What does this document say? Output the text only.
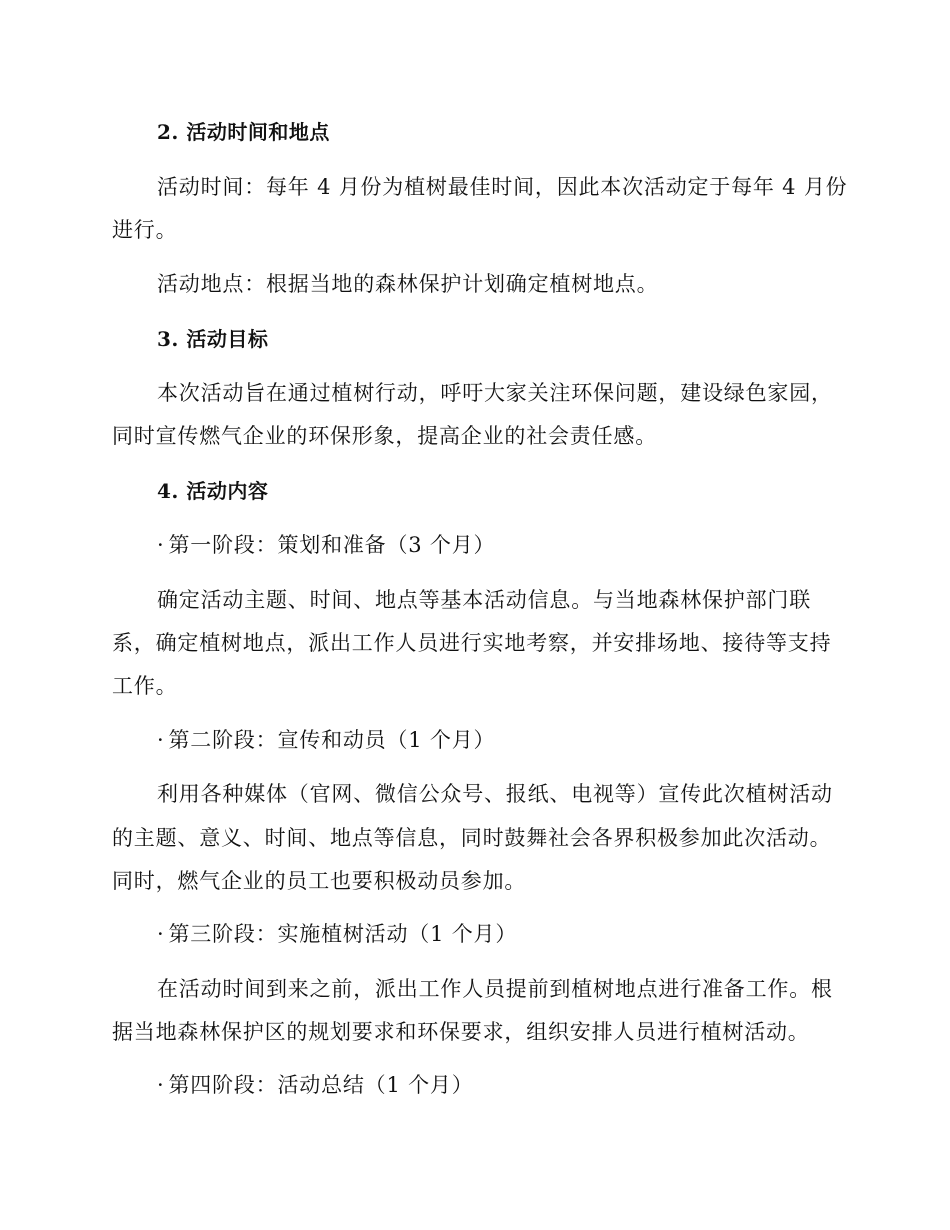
2. 活动时间和地点
活动时间：每年 4 月份为植树最佳时间，因此本次活动定于每年 4 月份
进行。
活动地点：根据当地的森林保护计划确定植树地点。
3. 活动目标
本次活动旨在通过植树行动，呼吁大家关注环保问题，建设绿色家园，
同时宣传燃气企业的环保形象，提高企业的社会责任感。
4. 活动内容
· 第一阶段：策划和准备（3 个月）
确定活动主题、时间、地点等基本活动信息。与当地森林保护部门联
系，确定植树地点，派出工作人员进行实地考察，并安排场地、接待等支持
工作。
· 第二阶段：宣传和动员（1 个月）
利用各种媒体（官网、微信公众号、报纸、电视等）宣传此次植树活动
的主题、意义、时间、地点等信息，同时鼓舞社会各界积极参加此次活动。
同时，燃气企业的员工也要积极动员参加。
· 第三阶段：实施植树活动（1 个月）
在活动时间到来之前，派出工作人员提前到植树地点进行准备工作。根
据当地森林保护区的规划要求和环保要求，组织安排人员进行植树活动。
· 第四阶段：活动总结（1 个月）
